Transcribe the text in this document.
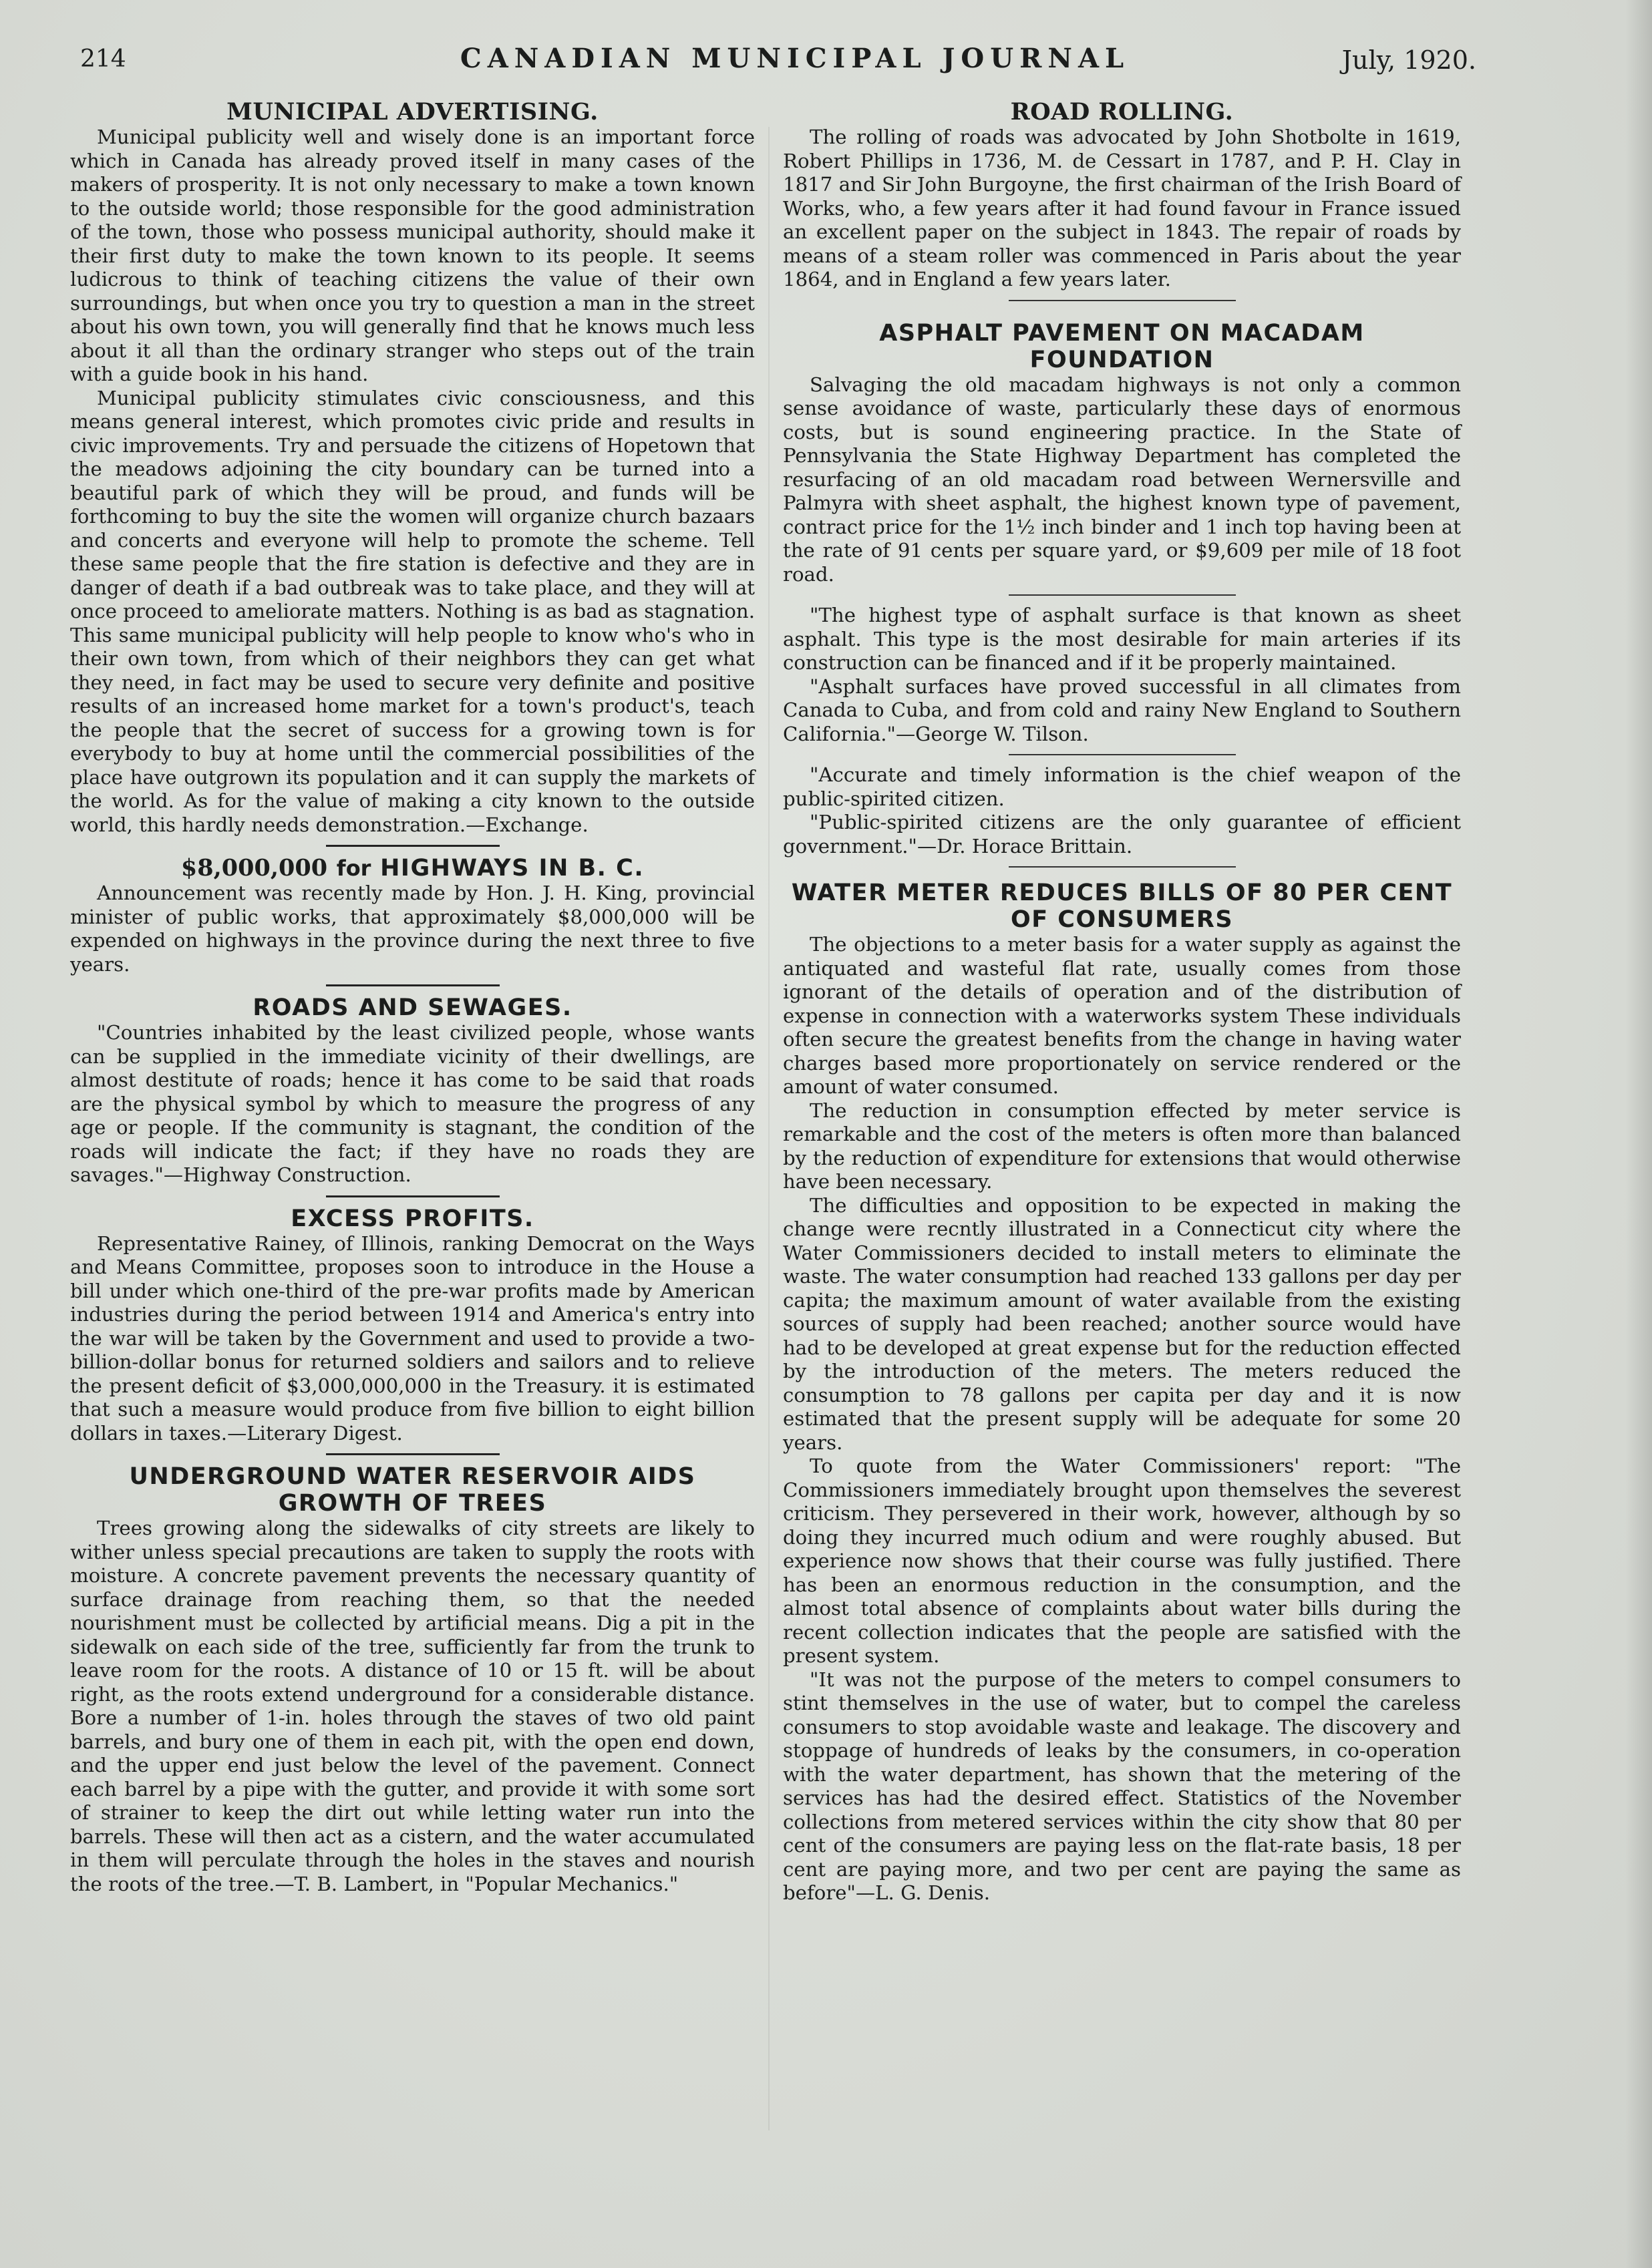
214	CANADIAN MUNICIPAL JOURNAL	July, 1920.
MUNICIPAL ADVERTISING.

Municipal publicity well and wisely done is an important force which in Canada has already proved itself in many cases of the makers of prosperity. It is not only necessary to make a town known to the outside world; those responsible for the good administration of the town, those who possess municipal authority, should make it their first duty to make the town known to its people. It seems ludicrous to think of teaching citizens the value of their own surroundings, but when once you try to question a man in the street about his own town, you will generally find that he knows much less about it all than the ordinary stranger who steps out of the train with a guide book in his hand.

Municipal publicity stimulates civic consciousness, and this means general interest, which promotes civic pride and results in civic improvements. Try and persuade the citizens of Hopetown that the meadows adjoining the city boundary can be turned into a beautiful park of which they will be proud, and funds will be forthcoming to buy the site the women will organize church bazaars and concerts and everyone will help to promote the scheme. Tell these same people that the fire station is defective and they are in danger of death if a bad outbreak was to take place, and they will at once proceed to ameliorate matters. Nothing is as bad as stagnation. This same municipal publicity will help people to know who's who in their own town, from which of their neighbors they can get what they need, in fact may be used to secure very definite and positive results of an increased home market for a town's product's, teach the people that the secret of success for a growing town is for everybody to buy at home until the commercial possibilities of the place have outgrown its population and it can supply the markets of the world. As for the value of making a city known to the outside world, this hardly needs demonstration.—Exchange.

$8,000,000 for HIGHWAYS IN B. C.

Announcement was recently made by Hon. J. H. King, provincial minister of public works, that approximately $8,000,000 will be expended on highways in the province during the next three to five years.

ROADS AND SEWAGES.

"Countries inhabited by the least civilized people, whose wants can be supplied in the immediate vicinity of their dwellings, are almost destitute of roads; hence it has come to be said that roads are the physical symbol by which to measure the progress of any age or people. If the community is stagnant, the condition of the roads will indicate the fact; if they have no roads they are savages."—Highway Construction.

EXCESS PROFITS.

Representative Rainey, of Illinois, ranking Democrat on the Ways and Means Committee, proposes soon to introduce in the House a bill under which one-third of the pre-war profits made by American industries during the period between 1914 and America's entry into the war will be taken by the Government and used to provide a two-billion-dollar bonus for returned soldiers and sailors and to relieve the present deficit of $3,000,000,000 in the Treasury. it is estimated that such a measure would produce from five billion to eight billion dollars in taxes.—Literary Digest.

UNDERGROUND WATER RESERVOIR AIDS GROWTH OF TREES

Trees growing along the sidewalks of city streets are likely to wither unless special precautions are taken to supply the roots with moisture. A concrete pavement prevents the necessary quantity of surface drainage from reaching them, so that the needed nourishment must be collected by artificial means. Dig a pit in the sidewalk on each side of the tree, sufficiently far from the trunk to leave room for the roots. A distance of 10 or 15 ft. will be about right, as the roots extend underground for a considerable distance. Bore a number of 1-in. holes through the staves of two old paint barrels, and bury one of them in each pit, with the open end down, and the upper end just below the level of the pavement. Connect each barrel by a pipe with the gutter, and provide it with some sort of strainer to keep the dirt out while letting water run into the barrels. These will then act as a cistern, and the water accumulated in them will perculate through the holes in the staves and nourish the roots of the tree.—T. B. Lambert, in "Popular Mechanics."

ROAD ROLLING.

The rolling of roads was advocated by John Shotbolte in 1619, Robert Phillips in 1736, M. de Cessart in 1787, and P. H. Clay in 1817 and Sir John Burgoyne, the first chairman of the Irish Board of Works, who, a few years after it had found favour in France issued an excellent paper on the subject in 1843. The repair of roads by means of a steam roller was commenced in Paris about the year 1864, and in England a few years later.

ASPHALT PAVEMENT ON MACADAM FOUNDATION

Salvaging the old macadam highways is not only a common sense avoidance of waste, particularly these days of enormous costs, but is sound engineering practice. In the State of Pennsylvania the State Highway Department has completed the resurfacing of an old macadam road between Wernersville and Palmyra with sheet asphalt, the highest known type of pavement, contract price for the 1½ inch binder and 1 inch top having been at the rate of 91 cents per square yard, or $9,609 per mile of 18 foot road.

"The highest type of asphalt surface is that known as sheet asphalt. This type is the most desirable for main arteries if its construction can be financed and if it be properly maintained.

"Asphalt surfaces have proved successful in all climates from Canada to Cuba, and from cold and rainy New England to Southern California."—George W. Tilson.

"Accurate and timely information is the chief weapon of the public-spirited citizen.

"Public-spirited citizens are the only guarantee of efficient government."—Dr. Horace Brittain.

WATER METER REDUCES BILLS OF 80 PER CENT OF CONSUMERS

The objections to a meter basis for a water supply as against the antiquated and wasteful flat rate, usually comes from those ignorant of the details of operation and of the distribution of expense in connection with a waterworks system These individuals often secure the greatest benefits from the change in having water charges based more proportionately on service rendered or the amount of water consumed.

The reduction in consumption effected by meter service is remarkable and the cost of the meters is often more than balanced by the reduction of expenditure for extensions that would otherwise have been necessary.

The difficulties and opposition to be expected in making the change were recntly illustrated in a Connecticut city where the Water Commissioners decided to install meters to eliminate the waste. The water consumption had reached 133 gallons per day per capita; the maximum amount of water available from the existing sources of supply had been reached; another source would have had to be developed at great expense but for the reduction effected by the introduction of the meters. The meters reduced the consumption to 78 gallons per capita per day and it is now estimated that the present supply will be adequate for some 20 years.

To quote from the Water Commissioners' report: "The Commissioners immediately brought upon themselves the severest criticism. They persevered in their work, however, although by so doing they incurred much odium and were roughly abused. But experience now shows that their course was fully justified. There has been an enormous reduction in the consumption, and the almost total absence of complaints about water bills during the recent collection indicates that the people are satisfied with the present system.

"It was not the purpose of the meters to compel consumers to stint themselves in the use of water, but to compel the careless consumers to stop avoidable waste and leakage. The discovery and stoppage of hundreds of leaks by the consumers, in co-operation with the water department, has shown that the metering of the services has had the desired effect. Statistics of the November collections from metered services within the city show that 80 per cent of the consumers are paying less on the flat-rate basis, 18 per cent are paying more, and two per cent are paying the same as before"—L. G. Denis.
